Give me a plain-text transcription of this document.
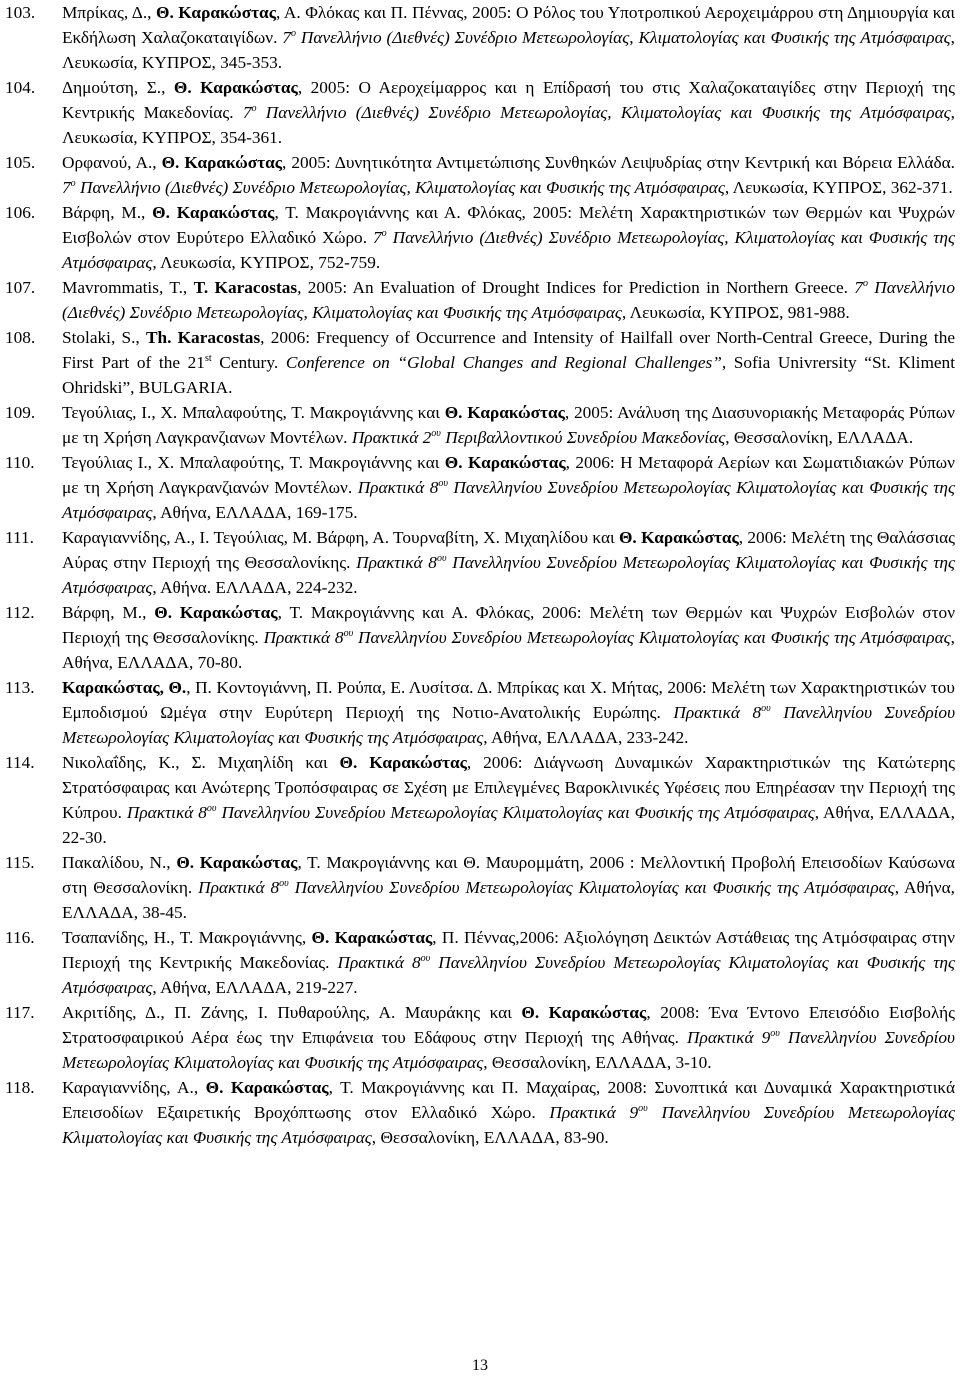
103.	Μπρίκας, Δ., Θ. Καρακώστας, Α. Φλόκας και Π. Πέννας, 2005: Ο Ρόλος του Υποτροπικού Αεροχειμάρρου στη Δημιουργία και Εκδήλωση Χαλαζοκαταιγίδων. $7^o$ Πανελλήνιο (Διεθνές) Συνέδριο Μετεωρολογίας, Κλιματολογίας και Φυσικής της Ατμόσφαιρας, Λευκωσία, ΚΥΠΡΟΣ, 345-353.
104.	Δημούτση, Σ., Θ. Καρακώστας, 2005: Ο Αεροχείμαρρος και η Επίδρασή του στις Χαλαζοκαταιγίδες στην Περιοχή της Κεντρικής Μακεδονίας. $7^o$ Πανελλήνιο (Διεθνές) Συνέδριο Μετεωρολογίας, Κλιματολογίας και Φυσικής της Ατμόσφαιρας, Λευκωσία, ΚΥΠΡΟΣ, 354-361.
105.	Ορφανού, Α., Θ. Καρακώστας, 2005: Δυνητικότητα Αντιμετώπισης Συνθηκών Λειψυδρίας στην Κεντρική και Βόρεια Ελλάδα. $7^o$ Πανελλήνιο (Διεθνές) Συνέδριο Μετεωρολογίας, Κλιματολογίας και Φυσικής της Ατμόσφαιρας, Λευκωσία, ΚΥΠΡΟΣ, 362-371.
106.	Βάρφη, Μ., Θ. Καρακώστας, Τ. Μακρογιάννης και Α. Φλόκας, 2005: Μελέτη Χαρακτηριστικών των Θερμών και Ψυχρών Εισβολών στον Ευρύτερο Ελλαδικό Χώρο. $7^o$ Πανελλήνιο (Διεθνές) Συνέδριο Μετεωρολογίας, Κλιματολογίας και Φυσικής της Ατμόσφαιρας, Λευκωσία, ΚΥΠΡΟΣ, 752-759.
107.	Mavrommatis, T., T. Karacostas, 2005: An Evaluation of Drought Indices for Prediction in Northern Greece. $7^o$ Πανελλήνιο (Διεθνές) Συνέδριο Μετεωρολογίας, Κλιματολογίας και Φυσικής της Ατμόσφαιρας, Λευκωσία, ΚΥΠΡΟΣ, 981-988.
108.	Stolaki, S., Th. Karacostas, 2006: Frequency of Occurrence and Intensity of Hailfall over North-Central Greece, During the First Part of the 21st Century. Conference on “Global Changes and Regional Challenges”, Sofia Univrersity “St. Kliment Ohridski”, BULGARIA.
109.	Τεγούλιας, Ι., Χ. Μπαλαφούτης, Τ. Μακρογιάννης και Θ. Καρακώστας, 2005: Ανάλυση της Διασυνοριακής Μεταφοράς Ρύπων με τη Χρήση Λαγκρανζιανων Μοντέλων. Πρακτικά $2^{o\upsilon}$ Περιβαλλοντικού Συνεδρίου Μακεδονίας, Θεσσαλονίκη, ΕΛΛΑΔΑ.
110.	Τεγούλιας Ι., Χ. Μπαλαφούτης, Τ. Μακρογιάννης και Θ. Καρακώστας, 2006: Η Μεταφορά Αερίων και Σωματιδιακών Ρύπων με τη Χρήση Λαγκρανζιανών Μοντέλων. Πρακτικά $8^{o\upsilon}$ Πανελληνίου Συνεδρίου Μετεωρολογίας Κλιματολογίας και Φυσικής της Ατμόσφαιρας, Αθήνα, ΕΛΛΑΔΑ, 169-175.
111.	Καραγιαννίδης, Α., Ι. Τεγούλιας, Μ. Βάρφη, Α. Τουρναβίτη, Χ. Μιχαηλίδου και Θ. Καρακώστας, 2006: Μελέτη της Θαλάσσιας Αύρας στην Περιοχή της Θεσσαλονίκης. Πρακτικά $8^{o\upsilon}$ Πανελληνίου Συνεδρίου Μετεωρολογίας Κλιματολογίας και Φυσικής της Ατμόσφαιρας, Αθήνα. ΕΛΛΑΔΑ, 224-232.
112.	Βάρφη, Μ., Θ. Καρακώστας, Τ. Μακρογιάννης και Α. Φλόκας, 2006: Μελέτη των Θερμών και Ψυχρών Εισβολών στον Περιοχή της Θεσσαλονίκης. Πρακτικά $8^{o\upsilon}$ Πανελληνίου Συνεδρίου Μετεωρολογίας Κλιματολογίας και Φυσικής της Ατμόσφαιρας, Αθήνα, ΕΛΛΑΔΑ, 70-80.
113.	Καρακώστας, Θ., Π. Κοντογιάννη, Π. Ρούπα, Ε. Λυσίτσα. Δ. Μπρίκας και Χ. Μήτας, 2006: Μελέτη των Χαρακτηριστικών του Εμποδισμού Ωμέγα στην Ευρύτερη Περιοχή της Νοτιο-Ανατολικής Ευρώπης. Πρακτικά $8^{o\upsilon}$ Πανελληνίου Συνεδρίου Μετεωρολογίας Κλιματολογίας και Φυσικής της Ατμόσφαιρας, Αθήνα, ΕΛΛΑΔΑ, 233-242.
114.	Νικολαΐδης, Κ., Σ. Μιχαηλίδη και Θ. Καρακώστας, 2006: Διάγνωση Δυναμικών Χαρακτηριστικών της Κατώτερης Στρατόσφαιρας και Ανώτερης Τροπόσφαιρας σε Σχέση με Επιλεγμένες Βαροκλινικές Υφέσεις που Επηρέασαν την Περιοχή της Κύπρου. Πρακτικά $8^{o\upsilon}$ Πανελληνίου Συνεδρίου Μετεωρολογίας Κλιματολογίας και Φυσικής της Ατμόσφαιρας, Αθήνα, ΕΛΛΑΔΑ, 22-30.
115.	Πακαλίδου, Ν., Θ. Καρακώστας, Τ. Μακρογιάννης και Θ. Μαυρομμάτη, 2006 : Μελλοντική Προβολή Επεισοδίων Καύσωνα στη Θεσσαλονίκη. Πρακτικά $8^{o\upsilon}$ Πανελληνίου Συνεδρίου Μετεωρολογίας Κλιματολογίας και Φυσικής της Ατμόσφαιρας, Αθήνα, ΕΛΛΑΔΑ, 38-45.
116.	Τσαπανίδης, Η., Τ. Μακρογιάννης, Θ. Καρακώστας, Π. Πέννας,2006: Αξιολόγηση Δεικτών Αστάθειας της Ατμόσφαιρας στην Περιοχή της Κεντρικής Μακεδονίας. Πρακτικά $8^{o\upsilon}$ Πανελληνίου Συνεδρίου Μετεωρολογίας Κλιματολογίας και Φυσικής της Ατμόσφαιρας, Αθήνα, ΕΛΛΑΔΑ, 219-227.
117.	Ακριτίδης, Δ., Π. Ζάνης, Ι. Πυθαρούλης, Α. Μαυράκης και Θ. Καρακώστας, 2008: Ένα Έντονο Επεισόδιο Εισβολής Στρατοσφαιρικού Αέρα έως την Επιφάνεια του Εδάφους στην Περιοχή της Αθήνας. Πρακτικά $9^{o\upsilon}$ Πανελληνίου Συνεδρίου Μετεωρολογίας Κλιματολογίας και Φυσικής της Ατμόσφαιρας, Θεσσαλονίκη, ΕΛΛΑΔΑ, 3-10.
118.	Καραγιαννίδης, Α., Θ. Καρακώστας, Τ. Μακρογιάννης και Π. Μαχαίρας, 2008: Συνοπτικά και Δυναμικά Χαρακτηριστικά Επεισοδίων Εξαιρετικής Βροχόπτωσης στον Ελλαδικό Χώρο. Πρακτικά $9^{o\upsilon}$ Πανελληνίου Συνεδρίου Μετεωρολογίας Κλιματολογίας και Φυσικής της Ατμόσφαιρας, Θεσσαλονίκη, ΕΛΛΑΔΑ, 83-90.
13
